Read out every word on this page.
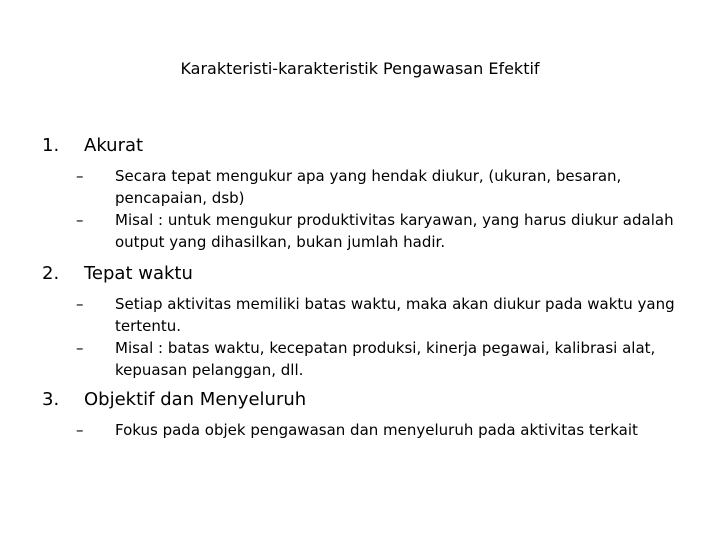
Karakteristi-karakteristik Pengawasan Efektif
1. Akurat
– Secara tepat mengukur apa yang hendak diukur, (ukuran, besaran, pencapaian, dsb)
– Misal : untuk mengukur produktivitas karyawan, yang harus diukur adalah output yang dihasilkan, bukan jumlah hadir.
2. Tepat waktu
– Setiap aktivitas memiliki batas waktu, maka akan diukur pada waktu yang tertentu.
– Misal : batas waktu, kecepatan produksi, kinerja pegawai, kalibrasi alat, kepuasan pelanggan, dll.
3. Objektif dan Menyeluruh
– Fokus pada objek pengawasan dan menyeluruh pada aktivitas terkait
